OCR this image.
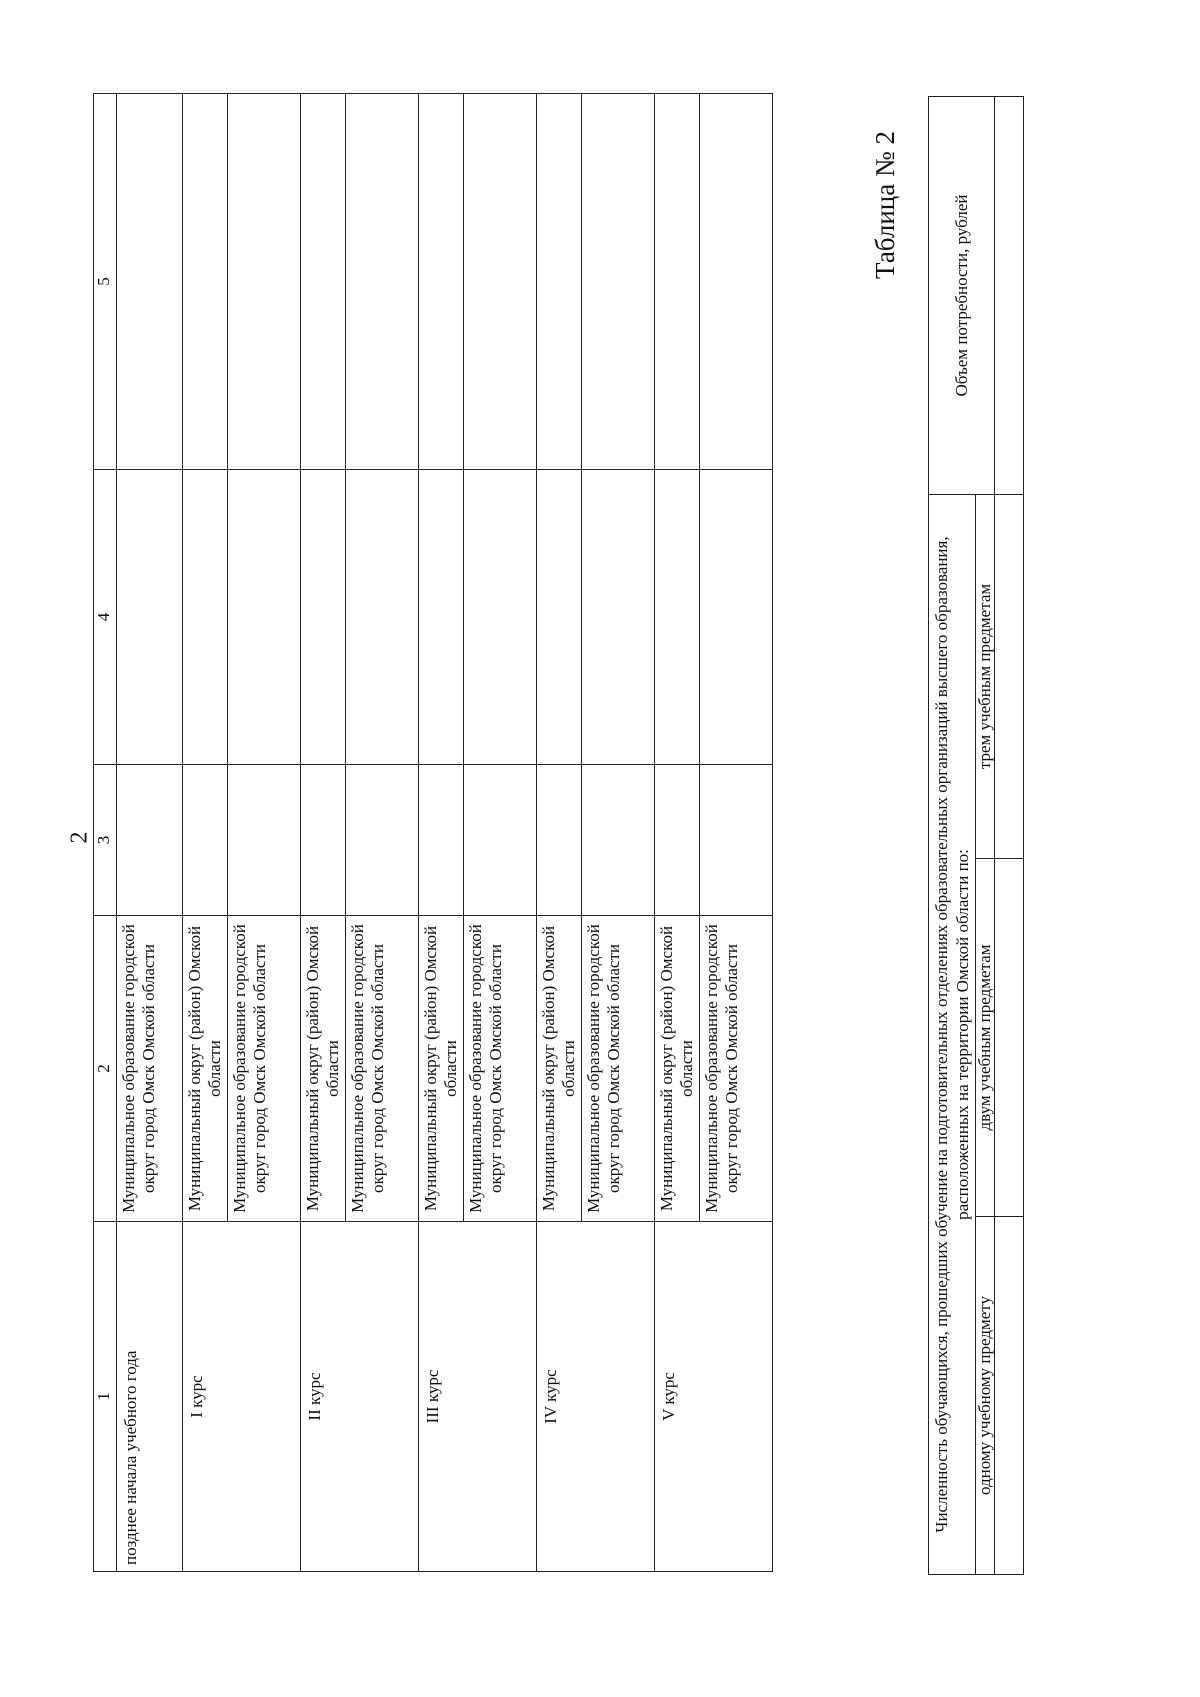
2
1	2	3	4	5
позднее начала учебного года	Муниципальное образование городской округ город Омск Омской области			
I курс	Муниципальный округ (район) Омской области			
	Муниципальное образование городской округ город Омск Омской области			
II курс	Муниципальный округ (район) Омской области			
	Муниципальное образование городской округ город Омск Омской области			
III курс	Муниципальный округ (район) Омской области			
	Муниципальное образование городской округ город Омск Омской области			
IV курс	Муниципальный округ (район) Омской области			
	Муниципальное образование городской округ город Омск Омской области			
V курс	Муниципальный округ (район) Омской области			
	Муниципальное образование городской округ город Омск Омской области			
Таблица № 2
Численность обучающихся, прошедших обучение на подготовительных отделениях образовательных организаций высшего образования, расположенных на территории Омской области по:			Объем потребности, рублей
одному учебному предмету	двум учебным предметам	трем учебным предметам	
